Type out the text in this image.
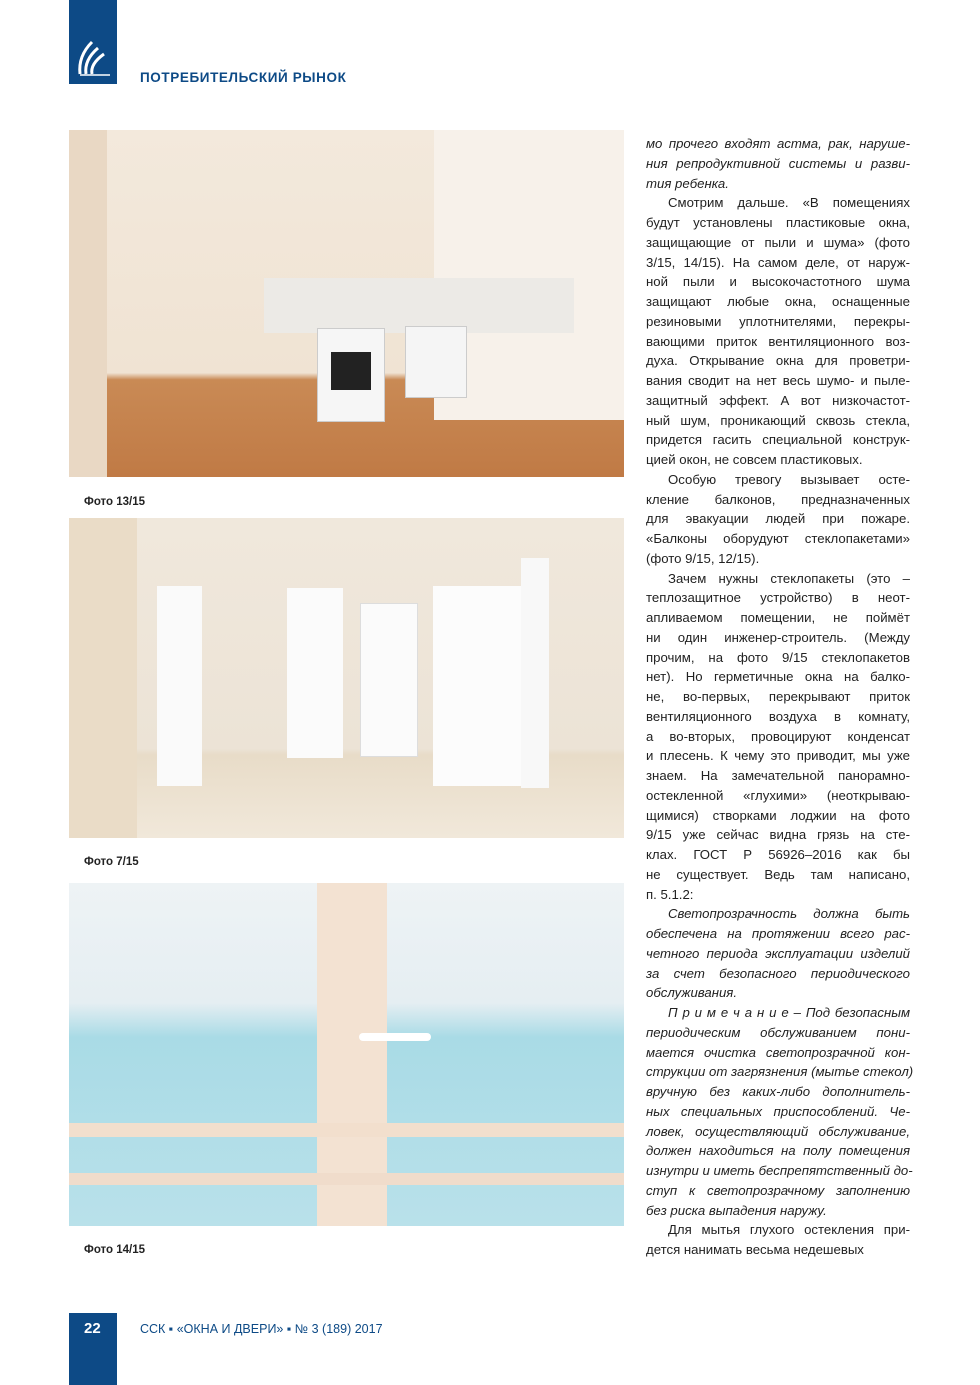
ПОТРЕБИТЕЛЬСКИЙ РЫНОК
Фото 13/15
Фото 7/15
Фото 14/15
мо прочего входят астма, рак, наруше-
ния репродуктивной системы и разви-
тия ребенка.
Смотрим дальше. «В помещениях
будут установлены пластиковые окна,
защищающие от пыли и шума» (фото
3/15, 14/15). На самом деле, от наруж-
ной пыли и высокочастотного шума
защищают любые окна, оснащенные
резиновыми уплотнителями, перекры-
вающими приток вентиляционного воз-
духа. Открывание окна для проветри-
вания сводит на нет весь шумо- и пыле-
защитный эффект. А вот низкочастот-
ный шум, проникающий сквозь стекла,
придется гасить специальной конструк-
цией окон, не совсем пластиковых.
Особую тревогу вызывает осте-
кление балконов, предназначенных
для эвакуации людей при пожаре.
«Балконы оборудуют стеклопакетами»
(фото 9/15, 12/15).
Зачем нужны стеклопакеты (это –
теплозащитное устройство) в неот-
апливаемом помещении, не поймёт
ни один инженер-строитель. (Между
прочим, на фото 9/15 стеклопакетов
нет). Но герметичные окна на балко-
не, во-первых, перекрывают приток
вентиляционного воздуха в комнату,
а во-вторых, провоцируют конденсат
и плесень. К чему это приводит, мы уже
знаем. На замечательной панорамно-
остекленной «глухими» (неоткрываю-
щимися) створками лоджии на фото
9/15 уже сейчас видна грязь на сте-
клах. ГОСТ Р 56926–2016 как бы
не существует. Ведь там написано,
п. 5.1.2:
Светопрозрачность должна быть
обеспечена на протяжении всего рас-
четного периода эксплуатации изделий
за счет безопасного периодического
обслуживания.
П р и м е ч а н и е – Под безопасным
периодическим обслуживанием пони-
мается очистка светопрозрачной кон-
струкции от загрязнения (мытье стекол)
вручную без каких-либо дополнитель-
ных специальных приспособлений. Че-
ловек, осуществляющий обслуживание,
должен находиться на полу помещения
изнутри и иметь беспрепятственный до-
ступ к светопрозрачному заполнению
без риска выпадения наружу.
Для мытья глухого остекления при-
дется нанимать весьма недешевых
22	ССК ▪ «ОКНА И ДВЕРИ» ▪ № 3 (189) 2017
